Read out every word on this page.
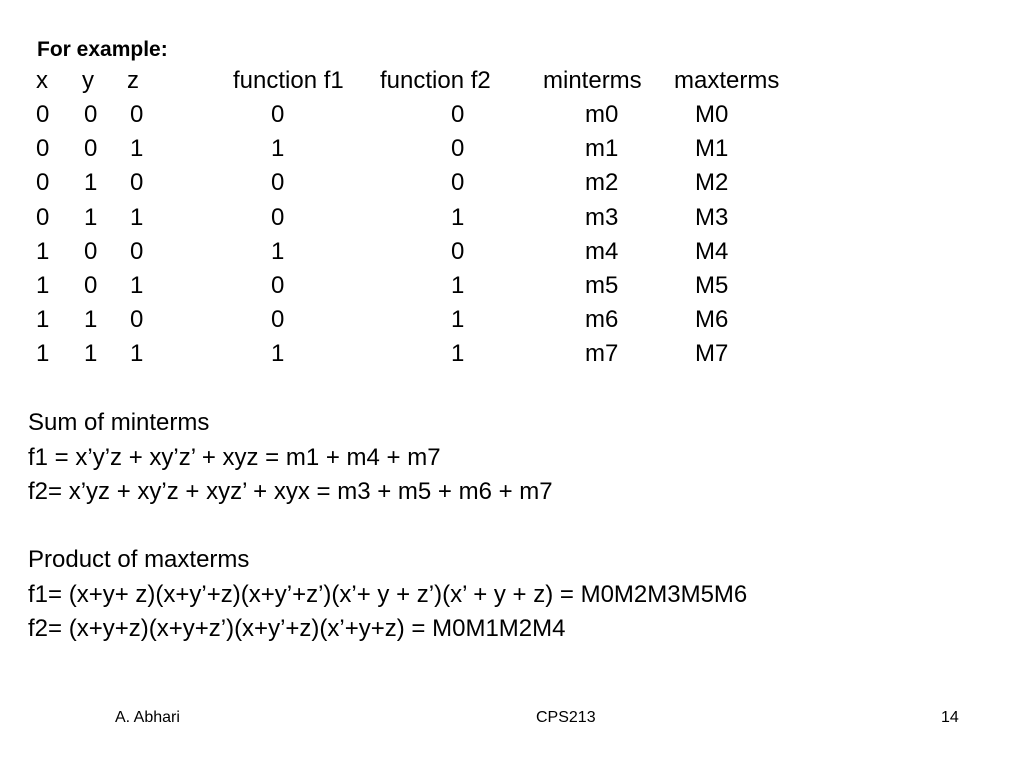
For example:
x y z	function f1 function f2 minterms maxterms
0 0 0	0	0	m0	M0
0 0 1	1	0	m1	M1
0 1 0	0	0	m2	M2
0 1 1	0	1	m3	M3
1 0 0	1	0	m4	M4
1 0 1	0	1	m5	M5
1 1 0	0	1	m6	M6
1 1 1	1	1	m7	M7
Sum of minterms
f1 = x’y’z + xy’z’ + xyz = m1 + m4 + m7
f2= x’yz + xy’z + xyz’ + xyx = m3 + m5 + m6 + m7
Product of maxterms
f1= (x+y+ z)(x+y’+z)(x+y’+z’)(x’+ y + z’)(x’ + y + z) = M0M2M3M5M6
f2= (x+y+z)(x+y+z’)(x+y’+z)(x’+y+z) = M0M1M2M4
A. Abhari	CPS213	14
